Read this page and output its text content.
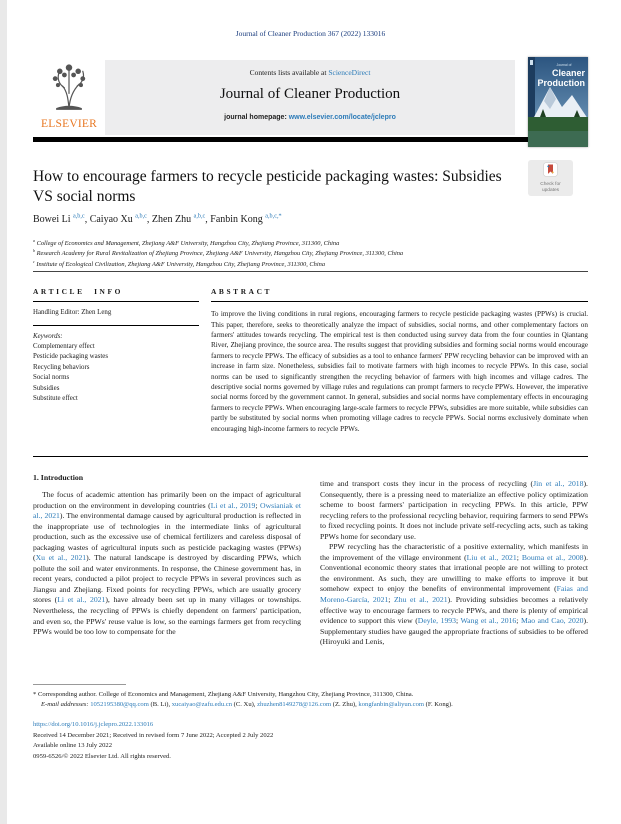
Journal of Cleaner Production 367 (2022) 133016
ELSEVIER
Contents lists available at ScienceDirect
Journal of Cleaner Production
journal homepage: www.elsevier.com/locate/jclepro
Journal of
Cleaner
Production
How to encourage farmers to recycle pesticide packaging wastes: Subsidies VS social norms
Check for
updates
Bowei Li $^{a,b,c}$, Caiyao Xu $^{a,b,c}$, Zhen Zhu $^{a,b,c}$, Fanbin Kong $^{a,b,c,*}$
$^a$ College of Economics and Management, Zhejiang A&F University, Hangzhou City, Zhejiang Province, 311300, China
$^b$ Research Academy for Rural Revitalization of Zhejiang Province, Zhejiang A&F University, Hangzhou City, Zhejiang Province, 311300, China
$^c$ Institute of Ecological Civilization, Zhejiang A&F University, Hangzhou City, Zhejiang Province, 311300, China
ARTICLE INFO
Handling Editor: Zhen Leng
Keywords:
Complementary effect
Pesticide packaging wastes
Recycling behaviors
Social norms
Subsidies
Substitute effect
ABSTRACT
To improve the living conditions in rural regions, encouraging farmers to recycle pesticide packaging wastes (PPWs) is crucial. This paper, therefore, seeks to theoretically analyze the impact of subsidies, social norms, and other complementary factors on farmers' attitudes towards recycling. The empirical test is then conducted using survey data from the four counties in Qiantang River, Zhejiang province, the source area. The results suggest that providing subsidies and forming social norms would encourage farmers to recycle PPWs. The efficacy of subsidies as a tool to enhance farmers' PPW recycling behavior can be improved with an increase in farm size. Nonetheless, subsidies fail to motivate farmers with high incomes to recycle PPWs. In this case, social norms can be used to significantly strengthen the recycling behavior of farmers with high incomes and village cadres. The descriptive social norms governed by village rules and regulations can prompt farmers to recycle PPWs. However, the imperative social norms forced by the government cannot. In general, subsidies and social norms have complementary effects in encouraging farmers to recycle PPWs. When encouraging large-scale farmers to recycle PPWs, subsidies are more suitable, while subsidies can partly be substituted by social norms when promoting village cadres to recycle PPWs. Social norms exclusively dominate when encouraging high-income farmers to recycle PPWs.
1. Introduction
The focus of academic attention has primarily been on the impact of agricultural production on the environment in developing countries (Li et al., 2019; Owsianiak et al., 2021). The environmental damage caused by agricultural production is reflected in the inappropriate use of technologies in the intermediate links of agricultural production, such as the excessive use of chemical fertilizers and careless disposal of packaging wastes of agricultural inputs such as pesticide packaging wastes (PPWs) (Xu et al., 2021). The natural landscape is destroyed by discarding PPWs, which pollute the soil and water environments. In response, the Chinese government has, in recent years, conducted a pilot project to recycle PPWs in several provinces such as Jiangsu and Zhejiang. Fixed points for recycling PPWs, which are usually grocery stores (Li et al., 2021), have already been set up in many villages or townships. Nevertheless, the recycling of PPWs is chiefly dependent on farmers' participation, and even so, the PPWs' reuse value is low, so the earnings farmers get from recycling PPWs would be too low to compensate for the
time and transport costs they incur in the process of recycling (Jin et al., 2018). Consequently, there is a pressing need to materialize an effective policy optimization scheme to boost farmers' participation in recycling PPWs. In this article, PPW recycling refers to the professional recycling behavior, requiring farmers to send PPWs to fixed recycling points. It does not include private self-recycling acts, such as taking PPWs home for secondary use.
PPW recycling has the characteristic of a positive externality, which manifests in the improvement of the village environment (Liu et al., 2021; Bouma et al., 2008). Conventional economic theory states that irrational people are not willing to protect the environment. As such, they are unwilling to make efforts to improve it but somehow expect to enjoy the benefits of environmental improvement (Faias and Moreno-García, 2021; Zhu et al., 2021). Providing subsidies becomes a relatively effective way to encourage farmers to recycle PPWs, and there is plenty of empirical evidence to support this view (Deyle, 1993; Wang et al., 2016; Mao and Cao, 2020). Supplementary studies have gauged the appropriate fractions of subsidies to be offered (Hiroyuki and Lenis,
* Corresponding author. College of Economics and Management, Zhejiang A&F University, Hangzhou City, Zhejiang Province, 311300, China.
E-mail addresses: 1052195380@qq.com (B. Li), xucaiyao@zafu.edu.cn (C. Xu), zhuzhen8149278@126.com (Z. Zhu), kongfanbin@aliyun.com (F. Kong).
https://doi.org/10.1016/j.jclepro.2022.133016
Received 14 December 2021; Received in revised form 7 June 2022; Accepted 2 July 2022
Available online 13 July 2022
0959-6526/© 2022 Elsevier Ltd. All rights reserved.
